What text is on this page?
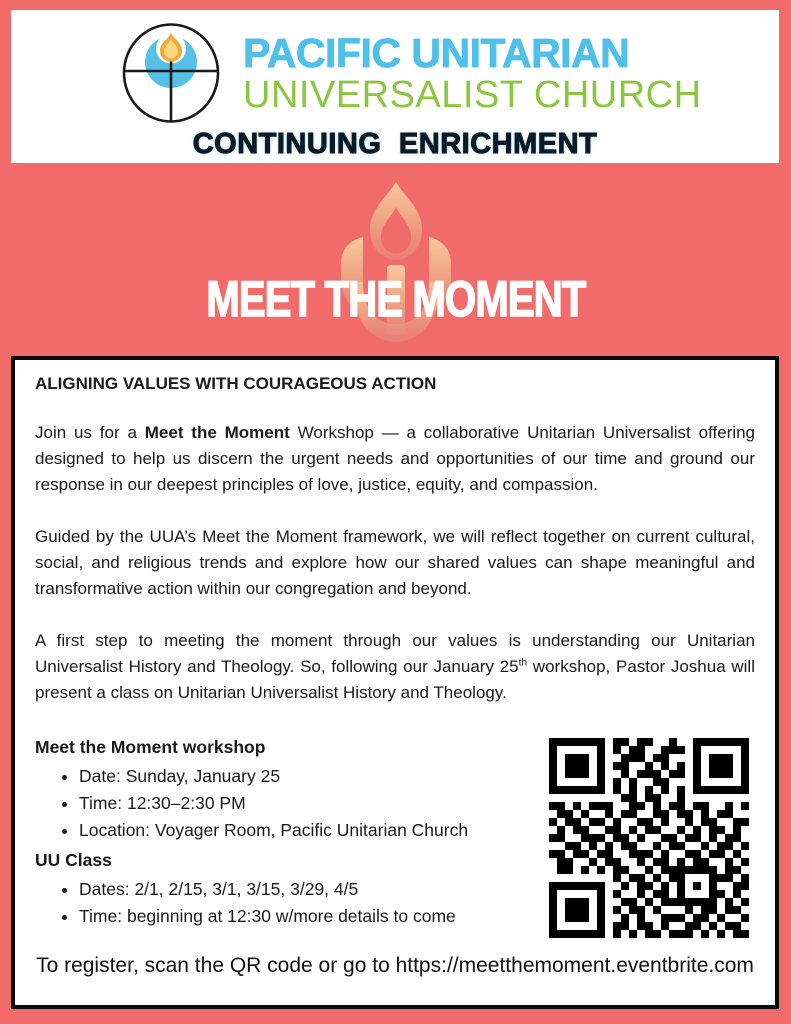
PACIFIC UNITARIAN
UNIVERSALIST CHURCH
CONTINUING ENRICHMENT
MEET THE MOMENT
ALIGNING VALUES WITH COURAGEOUS ACTION

Join us for a Meet the Moment Workshop — a collaborative Unitarian Universalist offering designed to help us discern the urgent needs and opportunities of our time and ground our response in our deepest principles of love, justice, equity, and compassion.

Guided by the UUA’s Meet the Moment framework, we will reflect together on current cultural, social, and religious trends and explore how our shared values can shape meaningful and transformative action within our congregation and beyond.

A first step to meeting the moment through our values is understanding our Unitarian Universalist History and Theology. So, following our January 25th workshop, Pastor Joshua will present a class on Unitarian Universalist History and Theology.

Meet the Moment workshop
• Date: Sunday, January 25
• Time: 12:30–2:30 PM
• Location: Voyager Room, Pacific Unitarian Church
UU Class
• Dates: 2/1, 2/15, 3/1, 3/15, 3/29, 4/5
• Time: beginning at 12:30 w/more details to come
To register, scan the QR code or go to https://meetthemoment.eventbrite.com
